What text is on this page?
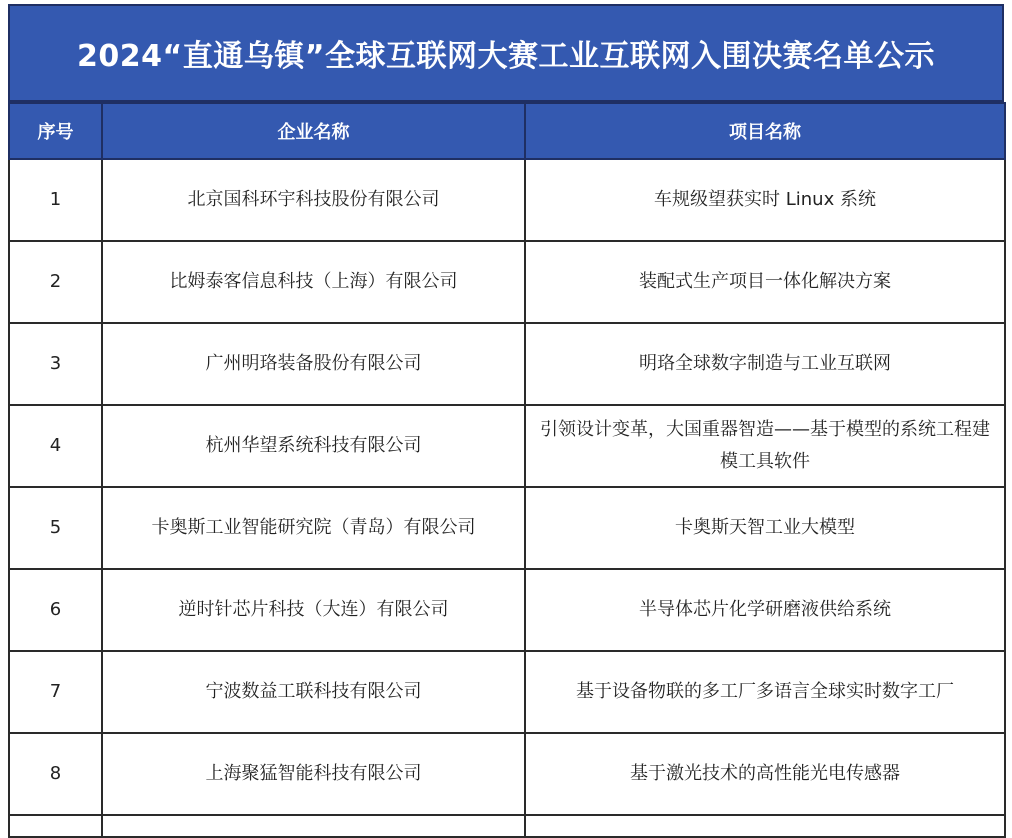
2024“直通乌镇”全球互联网大赛工业互联网入围决赛名单公示
序号	企业名称	项目名称
1	北京国科环宇科技股份有限公司	车规级望获实时 Linux 系统
2	比姆泰客信息科技（上海）有限公司	装配式生产项目一体化解决方案
3	广州明珞装备股份有限公司	明珞全球数字制造与工业互联网
4	杭州华望系统科技有限公司	引领设计变革，大国重器智造——基于模型的系统工程建模工具软件
5	卡奥斯工业智能研究院（青岛）有限公司	卡奥斯天智工业大模型
6	逆时针芯片科技（大连）有限公司	半导体芯片化学研磨液供给系统
7	宁波数益工联科技有限公司	基于设备物联的多工厂多语言全球实时数字工厂
8	上海聚猛智能科技有限公司	基于激光技术的高性能光电传感器
